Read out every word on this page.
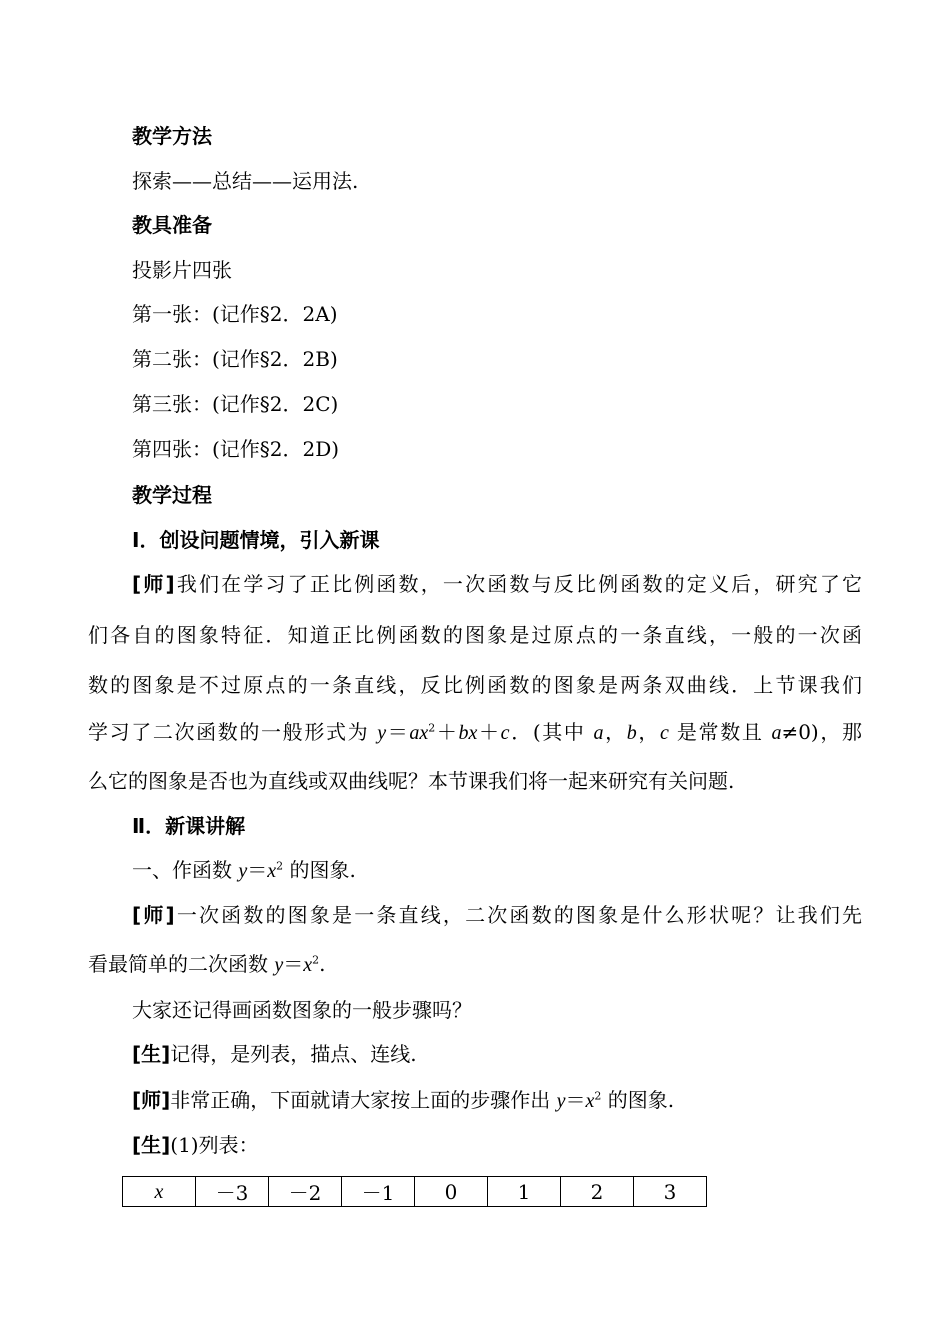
教学方法
探索——总结——运用法.
教具准备
投影片四张
第一张：(记作§2．2A)
第二张：(记作§2．2B)
第三张：(记作§2．2C)
第四张：(记作§2．2D)
教学过程
Ⅰ．创设问题情境，引入新课
[师]我们在学习了正比例函数，一次函数与反比例函数的定义后，研究了它
们各自的图象特征．知道正比例函数的图象是过原点的一条直线，一般的一次函
数的图象是不过原点的一条直线，反比例函数的图象是两条双曲线．上节课我们
学习了二次函数的一般形式为 $y=ax^2+bx+c$．(其中 a，b，c 是常数且 a≠0)，那
么它的图象是否也为直线或双曲线呢？本节课我们将一起来研究有关问题.
Ⅱ．新课讲解
一、作函数 $y=x^2$ 的图象.
[师]一次函数的图象是一条直线，二次函数的图象是什么形状呢？让我们先
看最简单的二次函数 $y=x^2$.
大家还记得画函数图象的一般步骤吗？
[生]记得，是列表，描点、连线.
[师]非常正确，下面就请大家按上面的步骤作出 $y=x^2$ 的图象.
[生](1)列表：
x	－3	－2	－1	0	1	2	3
